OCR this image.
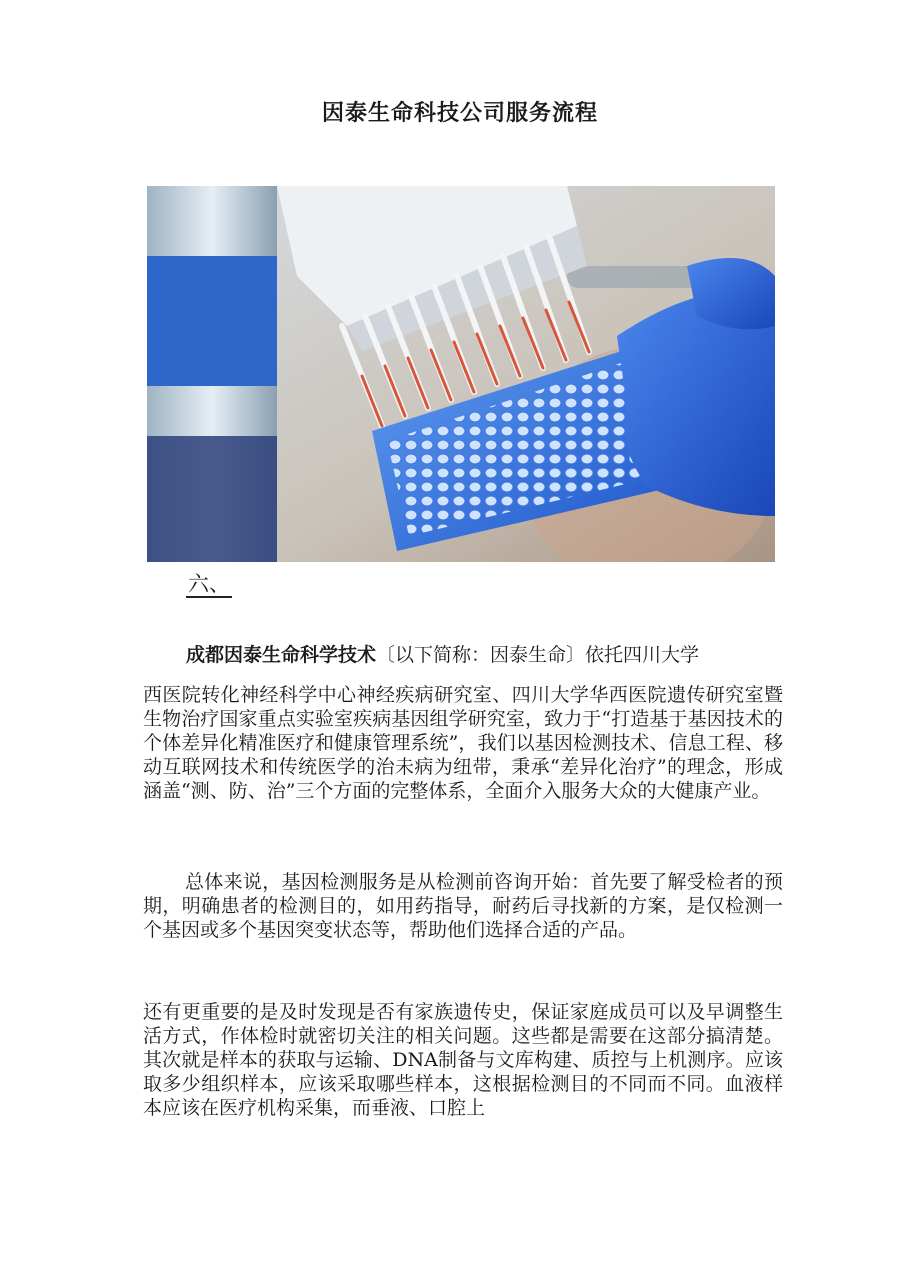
因泰生命科技公司服务流程
六、
成都因泰生命科学技术〔以下简称：因泰生命〕依托四川大学

西医院转化神经科学中心神经疾病研究室、四川大学华西医院遗传研究室暨生物治疗国家重点实验室疾病基因组学研究室，致力于“打造基于基因技术的个体差异化精准医疗和健康管理系统”，我们以基因检测技术、信息工程、移动互联网技术和传统医学的治未病为纽带，秉承“差异化治疗”的理念，形成涵盖“测、防、治”三个方面的完整体系，全面介入服务大众的大健康产业。

总体来说，基因检测服务是从检测前咨询开始：首先要了解受检者的预期，明确患者的检测目的，如用药指导，耐药后寻找新的方案，是仅检测一个基因或多个基因突变状态等，帮助他们选择合适的产品。

还有更重要的是及时发现是否有家族遗传史，保证家庭成员可以及早调整生活方式，作体检时就密切关注的相关问题。这些都是需要在这部分搞清楚。其次就是样本的获取与运输、DNA制备与文库构建、质控与上机测序。应该取多少组织样本，应该采取哪些样本，这根据检测目的不同而不同。血液样本应该在医疗机构采集，而垂液、口腔上
